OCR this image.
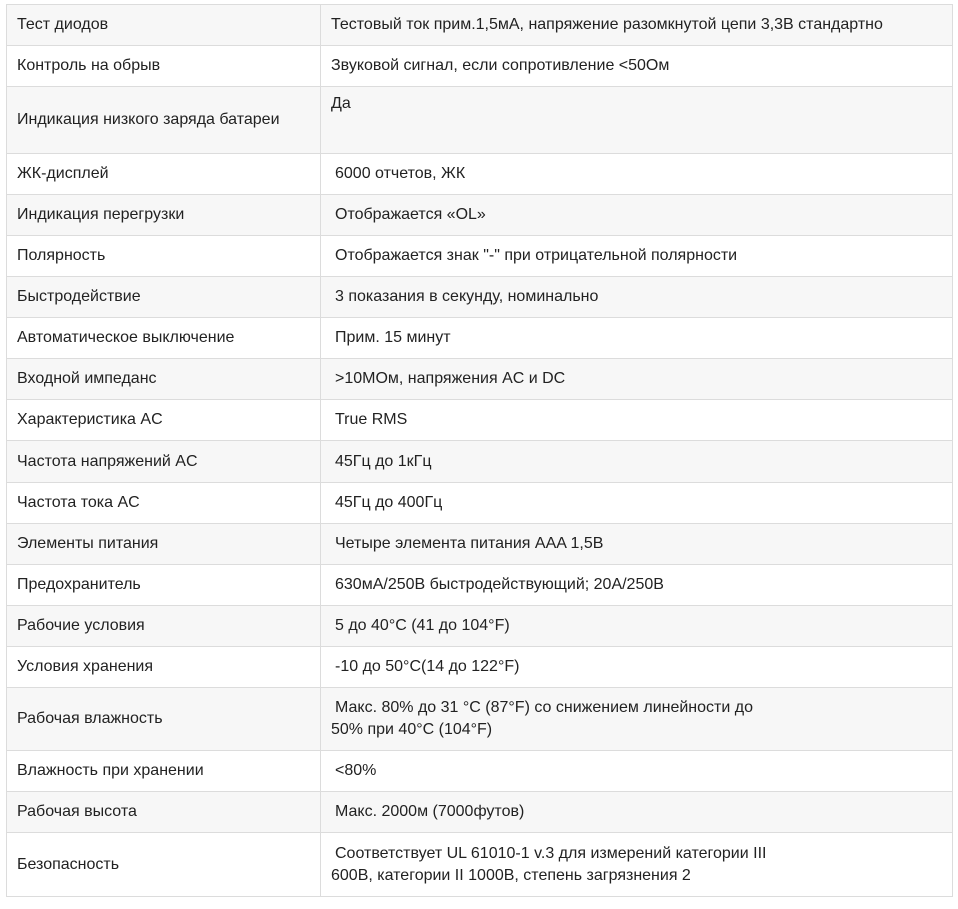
Тест диодов	Тестовый ток прим.1,5мА, напряжение разомкнутой цепи 3,3В стандартно

Контроль на обрыв	Звуковой сигнал, если сопротивление <50Ом

Индикация низкого заряда батареи	Да

ЖК-дисплей	6000 отчетов, ЖК

Индикация перегрузки	Отображается «OL»

Полярность	Отображается знак "-" при отрицательной полярности

Быстродействие	3 показания в секунду, номинально

Автоматическое выключение	Прим. 15 минут

Входной импеданс	>10МОм, напряжения AC и DC

Характеристика AC	True RMS

Частота напряжений AC	45Гц до 1кГц

Частота тока AC	45Гц до 400Гц

Элементы питания	Четыре элемента питания AAA 1,5В

Предохранитель	630мА/250В быстродействующий; 20А/250В

Рабочие условия	5 до 40°C (41 до 104°F)

Условия хранения	-10 до 50°C(14 до 122°F)

Рабочая влажность	Макс. 80% до 31 °C (87°F) со снижением линейности до
50% при 40°C (104°F)

Влажность при хранении	<80%

Рабочая высота	Макс. 2000м (7000футов)

Безопасность	Соответствует UL 61010-1 v.3 для измерений категории III
600В, категории II 1000В, степень загрязнения 2
